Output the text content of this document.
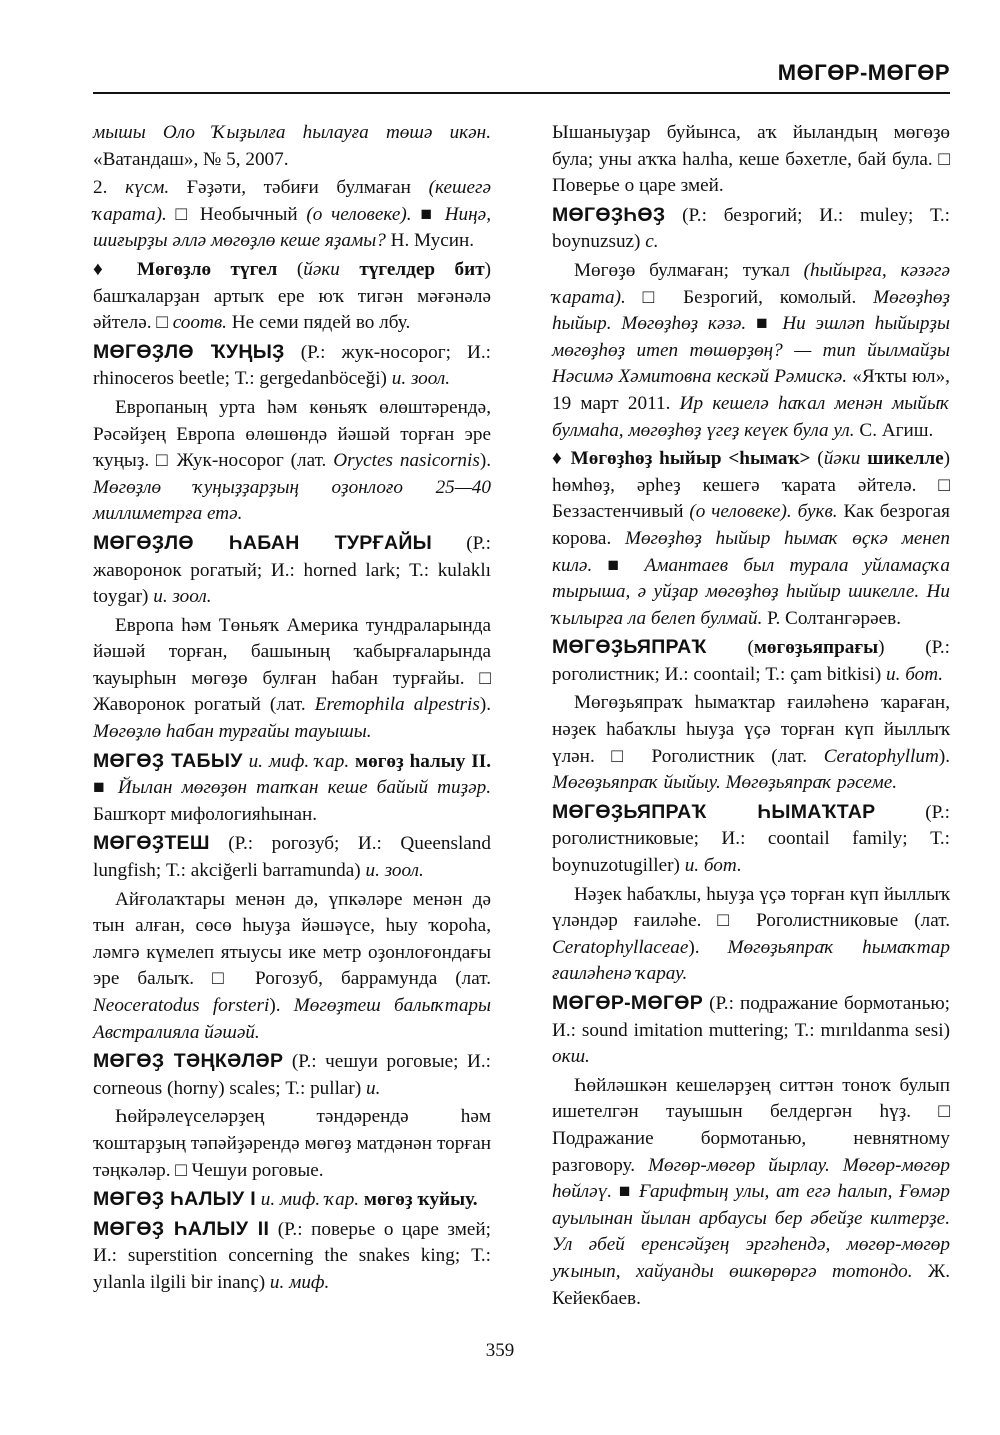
МӨГӨР-МӨГӨР

мышы Оло Ҡыҙылға һылауға төшә икән. «Ватандаш», № 5, 2007.

2. күсм. Ғәҙәти, тәбиғи булмаған (кешегә ҡарата). □ Необычный (о человеке). ■ Ниңә, шиғырҙы әллә мөгөҙлө кеше яҙамы? Н. Мусин.

♦ Мөгөҙлө түгел (йәки түгелдер бит) башҡаларҙан артыҡ ере юҡ тигән мәғәнәлә әйтелә. □ соотв. Не семи пядей во лбу.

МӨГӨҘЛӨ ҠУҢЫҘ (Р.: жук-носорог; И.: rhinoceros beetle; Т.: gergedanböceği) и. зоол.

Европаның урта һәм көньяҡ өлөштәрендә, Рәсәйҙең Европа өлөшөндә йәшәй торған эре ҡуңыҙ. □ Жук-носорог (лат. Oryctes nasicornis). Мөгөҙлө ҡуңыҙҙарҙың оҙонлоғо 25—40 миллиметрға етә.

МӨГӨҘЛӨ ҺАБАН ТУРҒАЙЫ (Р.: жаворонок рогатый; И.: horned lark; Т.: kulaklı toygar) и. зоол.

Европа һәм Төньяҡ Америка тундраларында йәшәй торған, башының ҡабырғаларында ҡауырһын мөгөҙө булған һабан турғайы. □ Жаворонок рогатый (лат. Eremophila alpestris). Мөгөҙлө һабан турғайы тауышы.

МӨГӨҘ ТАБЫУ и. миф. ҡар. мөгөҙ һалыу II. ■ Йылан мөгөҙөн тапҡан кеше байый тиҙәр. Башҡорт мифологияһынан.

МӨГӨҘТЕШ (Р.: рогозуб; И.: Queensland lungfish; Т.: akciğerli barramunda) и. зоол.

Айғолаҡтары менән дә, үпкәләре менән дә тын алған, сөсө һыуҙа йәшәүсе, һыу ҡороһа, ләмгә күмелеп ятыусы ике метр оҙонлоғондағы эре балыҡ. □ Рогозуб, баррамунда (лат. Neoceratodus forsteri). Мөгөҙтеш балыҡтары Австралияла йәшәй.

МӨГӨҘ ТӘҢКӘЛӘР (Р.: чешуи роговые; И.: corneous (horny) scales; Т.: pullar) и.

Һөйрәлеүселәрҙең тәндәрендә һәм ҡоштарҙың тәпәйҙәрендә мөгөҙ матдәнән торған тәңкәләр. □ Чешуи роговые.

МӨГӨҘ ҺАЛЫУ I и. миф. ҡар. мөгөҙ ҡуйыу.

МӨГӨҘ ҺАЛЫУ II (Р.: поверье о царе змей; И.: superstition concerning the snakes king; Т.: yılanla ilgili bir inanç) и. миф.

Ышаныуҙар буйынса, аҡ йыландың мөгөҙө була; уны аҡҡа һалһа, кеше бәхетле, бай була. □ Поверье о царе змей.

МӨГӨҘҺӨҘ (Р.: безрогий; И.: muley; Т.: boynuzsuz) с.

Мөгөҙө булмаған; туҡал (һыйырға, кәзәгә ҡарата). □ Безрогий, комолый. Мөгөҙһөҙ һыйыр. Мөгөҙһөҙ кәзә. ■ Ни эшләп һыйырҙы мөгөҙһөҙ итеп төшөрҙөң? — тип йылмайҙы Нәсимә Хәмитовна кескәй Рәмискә. «Яҡты юл», 19 март 2011. Ир кешелә һаҡал менән мыйыҡ булмаһа, мөгөҙһөҙ үгеҙ кеүек була ул. С. Агиш.

♦ Мөгөҙһөҙ һыйыр <һымаҡ> (йәки шикелле) һөмһөҙ, әрһеҙ кешегә ҡарата әйтелә. □ Беззастенчивый (о человеке). букв. Как безрогая корова. Мөгөҙһөҙ һыйыр һымаҡ өҫкә менеп килә. ■ Амантаев был турала уйламаҫҡа тырыша, ә уйҙар мөгөҙһөҙ һыйыр шикелле. Ни ҡылырға ла белеп булмай. Р. Солтангәрәев.

МӨГӨҘЬЯПРАҠ (мөгөҙьяпрағы) (Р.: роголистник; И.: coontail; Т.: çam bitkisi) и. бот.

Мөгөҙьяпраҡ һымаҡтар ғаиләһенә ҡараған, нәҙек һабаҡлы һыуҙа үҫә торған күп йыллыҡ үлән. □ Роголистник (лат. Ceratophyllum). Мөгөҙьяпраҡ йыйыу. Мөгөҙьяпраҡ рәсеме.

МӨГӨҘЬЯПРАҠ ҺЫМАҠТАР (Р.: роголистниковые; И.: coontail family; Т.: boynuzotugiller) и. бот.

Нәҙек һабаҡлы, һыуҙа үҫә торған күп йыллыҡ үләндәр ғаиләһе. □ Роголистниковые (лат. Ceratophyllaceae). Мөгөҙьяпраҡ һымаҡтар ғаиләһенә ҡарау.

МӨГӨР-МӨГӨР (Р.: подражание бормотанью; И.: sound imitation muttering; Т.: mırıldanma sesi) окш.

Һөйләшкән кешеләрҙең ситтән тоноҡ булып ишетелгән тауышын белдергән һүҙ. □ Подражание бормотанью, невнятному разговору. Мөгөр-мөгөр йырлау. Мөгөр-мөгөр һөйләү. ■ Ғарифтың улы, ат егә һалып, Ғөмәр ауылынан йылан арбаусы бер әбейҙе килтерҙе. Ул әбей еренсәйҙең эргәһендә, мөгөр-мөгөр уҡынып, хайуанды өшкөрөргә тотондо. Ж. Кейекбаев.

359
